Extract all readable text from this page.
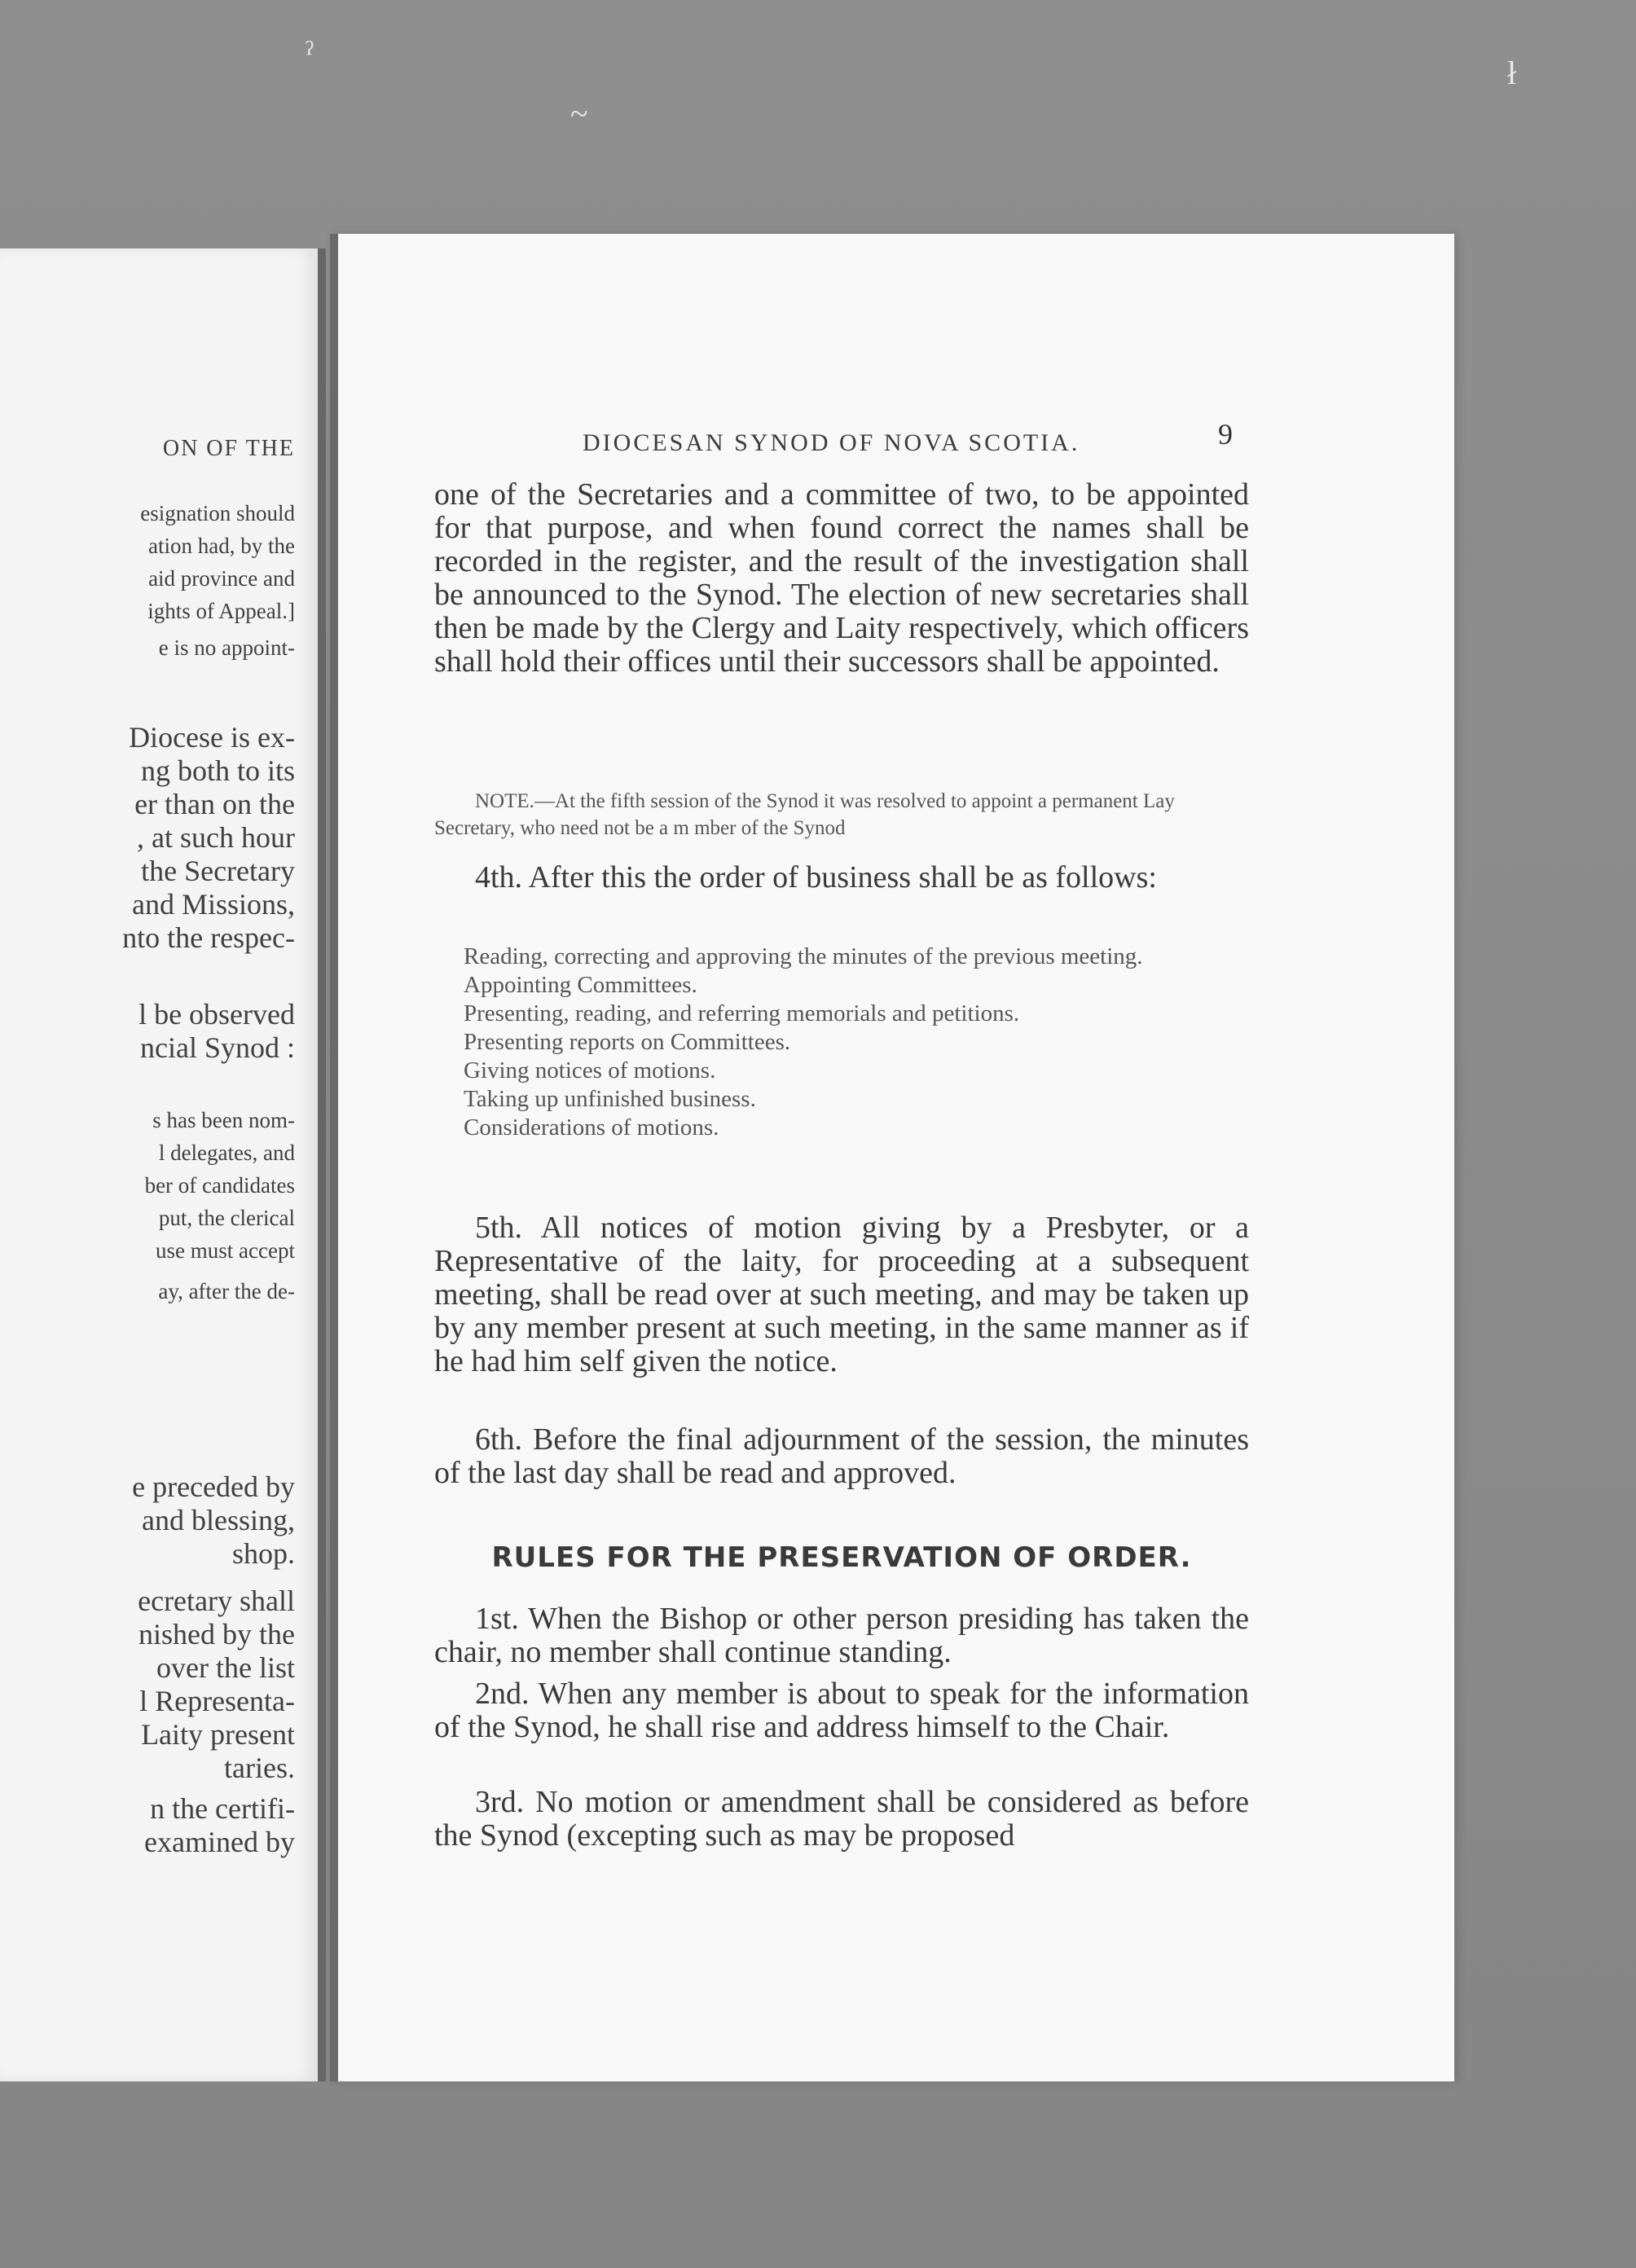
ˀ
~
ł
ON OF THE
esignation should
ation had, by the
aid province and
ights of Appeal.]
e is no appoint-
Diocese is ex-
ng both to its
er than on the
, at such hour
the Secretary
and Missions,
nto the respec-
l be observed
ncial Synod :
s has been nom-
l delegates, and
ber of candidates
put, the clerical
use must accept
ay, after the de-
e preceded by
and blessing,
shop.
ecretary shall
nished by the
over the list
l Representa-
Laity present
taries.
n the certifi-
examined by
DIOCESAN SYNOD OF NOVA SCOTIA.	9
one of the Secretaries and a committee of two, to be appointed for that purpose, and when found correct the names shall be recorded in the register, and the result of the investigation shall be announced to the Synod. The election of new secretaries shall then be made by the Clergy and Laity respectively, which officers shall hold their offices until their successors shall be appointed.
NOTE.—At the fifth session of the Synod it was resolved to appoint a permanent Lay Secretary, who need not be a m mber of the Synod
4th. After this the order of business shall be as follows:
Reading, correcting and approving the minutes of the previous meeting.
Appointing Committees.
Presenting, reading, and referring memorials and petitions.
Presenting reports on Committees.
Giving notices of motions.
Taking up unfinished business.
Considerations of motions.
5th. All notices of motion giving by a Presbyter, or a Representative of the laity, for proceeding at a subsequent meeting, shall be read over at such meeting, and may be taken up by any member present at such meeting, in the same manner as if he had him self given the notice.
6th. Before the final adjournment of the session, the minutes of the last day shall be read and approved.
RULES FOR THE PRESERVATION OF ORDER.
1st. When the Bishop or other person presiding has taken the chair, no member shall continue standing.
2nd. When any member is about to speak for the information of the Synod, he shall rise and address himself to the Chair.
3rd. No motion or amendment shall be considered as before the Synod (excepting such as may be proposed
